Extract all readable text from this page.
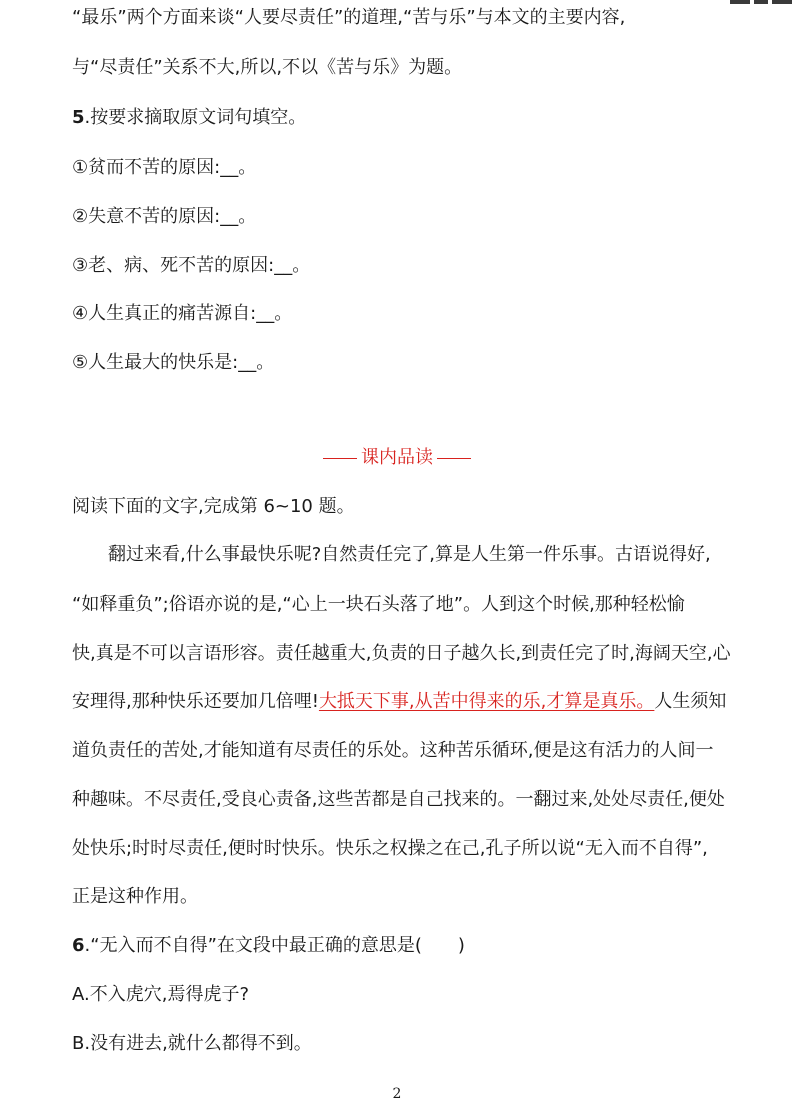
“最乐”两个方面来谈“人要尽责任”的道理,“苦与乐”与本文的主要内容,
与“尽责任”关系不大,所以,不以《苦与乐》为题。
5.按要求摘取原文词句填空。
①贫而不苦的原因:__。
②失意不苦的原因:__。
③老、病、死不苦的原因:__。
④人生真正的痛苦源自:__。
⑤人生最大的快乐是:__。
课内品读
阅读下面的文字,完成第 6~10 题。
翻过来看,什么事最快乐呢?自然责任完了,算是人生第一件乐事。古语说得好,
“如释重负”;俗语亦说的是,“心上一块石头落了地”。人到这个时候,那种轻松愉
快,真是不可以言语形容。责任越重大,负责的日子越久长,到责任完了时,海阔天空,心
安理得,那种快乐还要加几倍哩!大抵天下事,从苦中得来的乐,才算是真乐。人生须知
道负责任的苦处,才能知道有尽责任的乐处。这种苦乐循环,便是这有活力的人间一
种趣味。不尽责任,受良心责备,这些苦都是自己找来的。一翻过来,处处尽责任,便处
处快乐;时时尽责任,便时时快乐。快乐之权操之在己,孔子所以说“无入而不自得”,
正是这种作用。
6.“无入而不自得”在文段中最正确的意思是(　　)
A.不入虎穴,焉得虎子?
B.没有进去,就什么都得不到。
2
